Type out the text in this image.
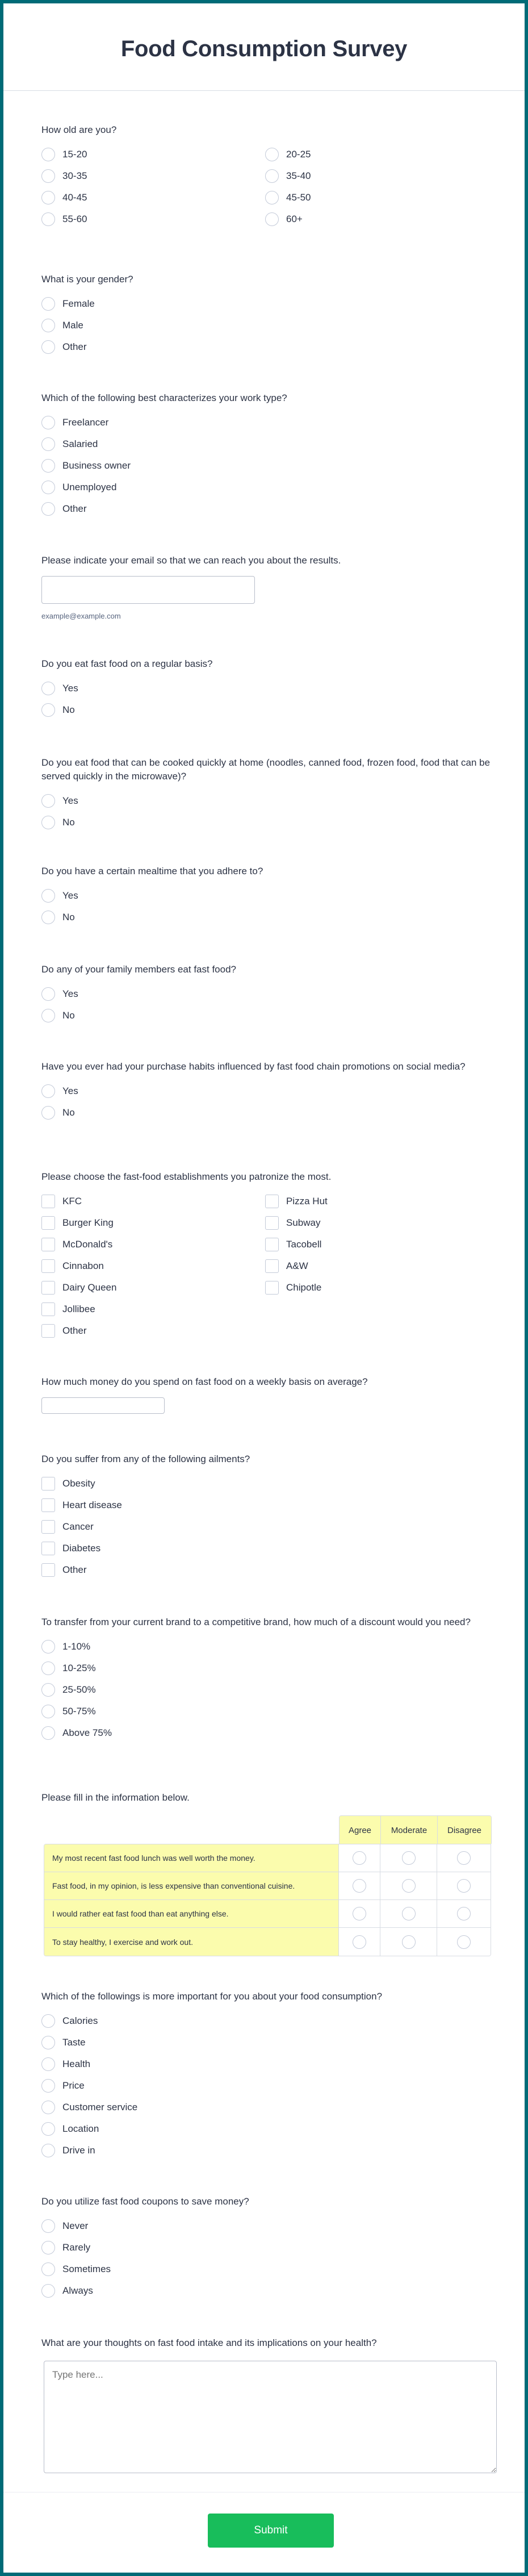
Food Consumption Survey
How old are you?
15-20	20-25
30-35	35-40
40-45	45-50
55-60	60+
What is your gender?
Female
Male
Other
Which of the following best characterizes your work type?
Freelancer
Salaried
Business owner
Unemployed
Other
Please indicate your email so that we can reach you about the results.
example@example.com
Do you eat fast food on a regular basis?
Yes
No
Do you eat food that can be cooked quickly at home (noodles, canned food, frozen food, food that can be served quickly in the microwave)?
Yes
No
Do you have a certain mealtime that you adhere to?
Yes
No
Do any of your family members eat fast food?
Yes
No
Have you ever had your purchase habits influenced by fast food chain promotions on social media?
Yes
No
Please choose the fast-food establishments you patronize the most.
KFC	Pizza Hut
Burger King	Subway
McDonald's	Tacobell
Cinnabon	A&W
Dairy Queen	Chipotle
Jollibee
Other
How much money do you spend on fast food on a weekly basis on average?
Do you suffer from any of the following ailments?
Obesity
Heart disease
Cancer
Diabetes
Other
To transfer from your current brand to a competitive brand, how much of a discount would you need?
1-10%
10-25%
25-50%
50-75%
Above 75%
Please fill in the information below.
Agree	Moderate	Disagree
My most recent fast food lunch was well worth the money.
Fast food, in my opinion, is less expensive than conventional cuisine.
I would rather eat fast food than eat anything else.
To stay healthy, I exercise and work out.
Which of the followings is more important for you about your food consumption?
Calories
Taste
Health
Price
Customer service
Location
Drive in
Do you utilize fast food coupons to save money?
Never
Rarely
Sometimes
Always
What are your thoughts on fast food intake and its implications on your health?
Type here...
Submit
